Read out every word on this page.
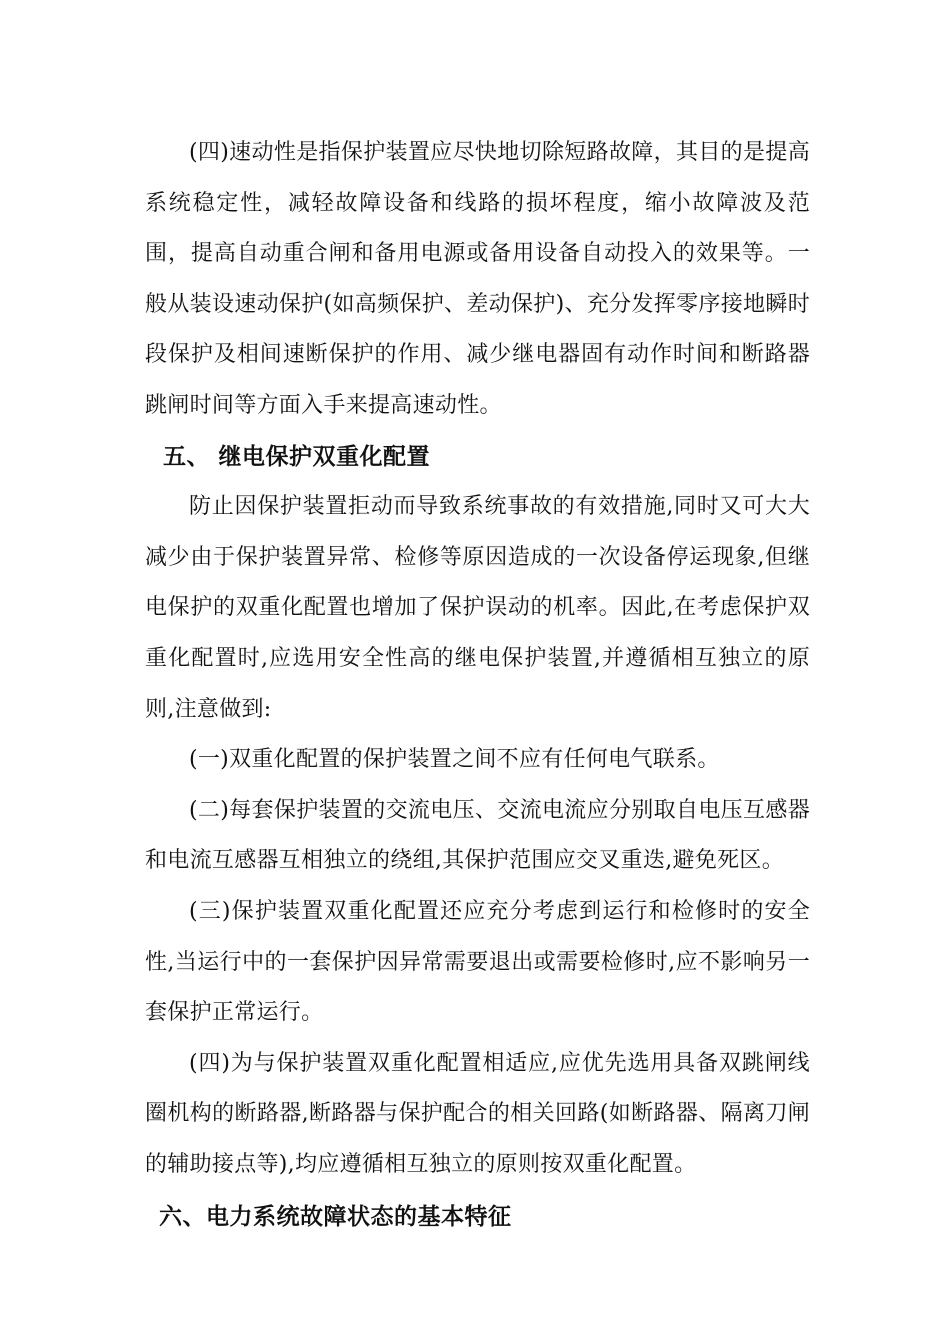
(四)速动性是指保护装置应尽快地切除短路故障，其目的是提高系统稳定性，减轻故障设备和线路的损坏程度，缩小故障波及范围，提高自动重合闸和备用电源或备用设备自动投入的效果等。一般从装设速动保护(如高频保护、差动保护)、充分发挥零序接地瞬时段保护及相间速断保护的作用、减少继电器固有动作时间和断路器跳闸时间等方面入手来提高速动性。

五、 继电保护双重化配置

防止因保护装置拒动而导致系统事故的有效措施,同时又可大大减少由于保护装置异常、检修等原因造成的一次设备停运现象,但继电保护的双重化配置也增加了保护误动的机率。因此,在考虑保护双重化配置时,应选用安全性高的继电保护装置,并遵循相互独立的原则,注意做到:

(一)双重化配置的保护装置之间不应有任何电气联系。

(二)每套保护装置的交流电压、交流电流应分别取自电压互感器和电流互感器互相独立的绕组,其保护范围应交叉重迭,避免死区。

(三)保护装置双重化配置还应充分考虑到运行和检修时的安全性,当运行中的一套保护因异常需要退出或需要检修时,应不影响另一套保护正常运行。

(四)为与保护装置双重化配置相适应,应优先选用具备双跳闸线圈机构的断路器,断路器与保护配合的相关回路(如断路器、隔离刀闸的辅助接点等),均应遵循相互独立的原则按双重化配置。

六、电力系统故障状态的基本特征
